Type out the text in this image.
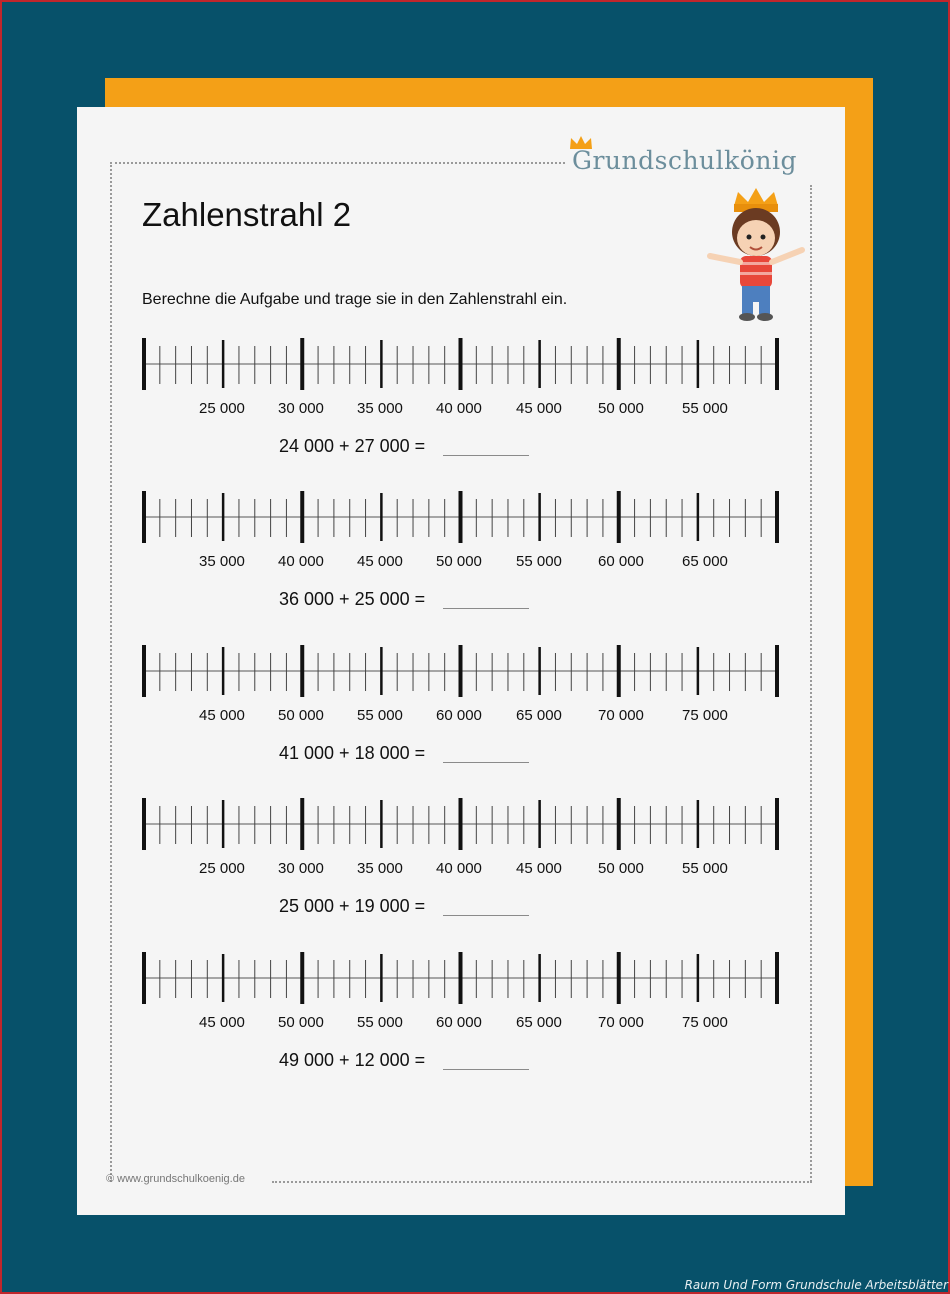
Grundschulkönig
Zahlenstrahl 2
Berechne die Aufgabe und trage sie in den Zahlenstrahl ein.
25 000 30 000 35 000 40 000 45 000 50 000	55 000
24 000 + 27 000 =
35 000 40 000 45 000 50 000 55 000 60 000	65 000
36 000 + 25 000 =
45 000 50 000 55 000 60 000 65 000 70 000	75 000
41 000 + 18 000 =
25 000 30 000 35 000 40 000 45 000 50 000	55 000
25 000 + 19 000 =
45 000 50 000 55 000 60 000 65 000 70 000	75 000
49 000 + 12 000 =
© www.grundschulkoenig.de
Raum Und Form Grundschule Arbeitsblätter
